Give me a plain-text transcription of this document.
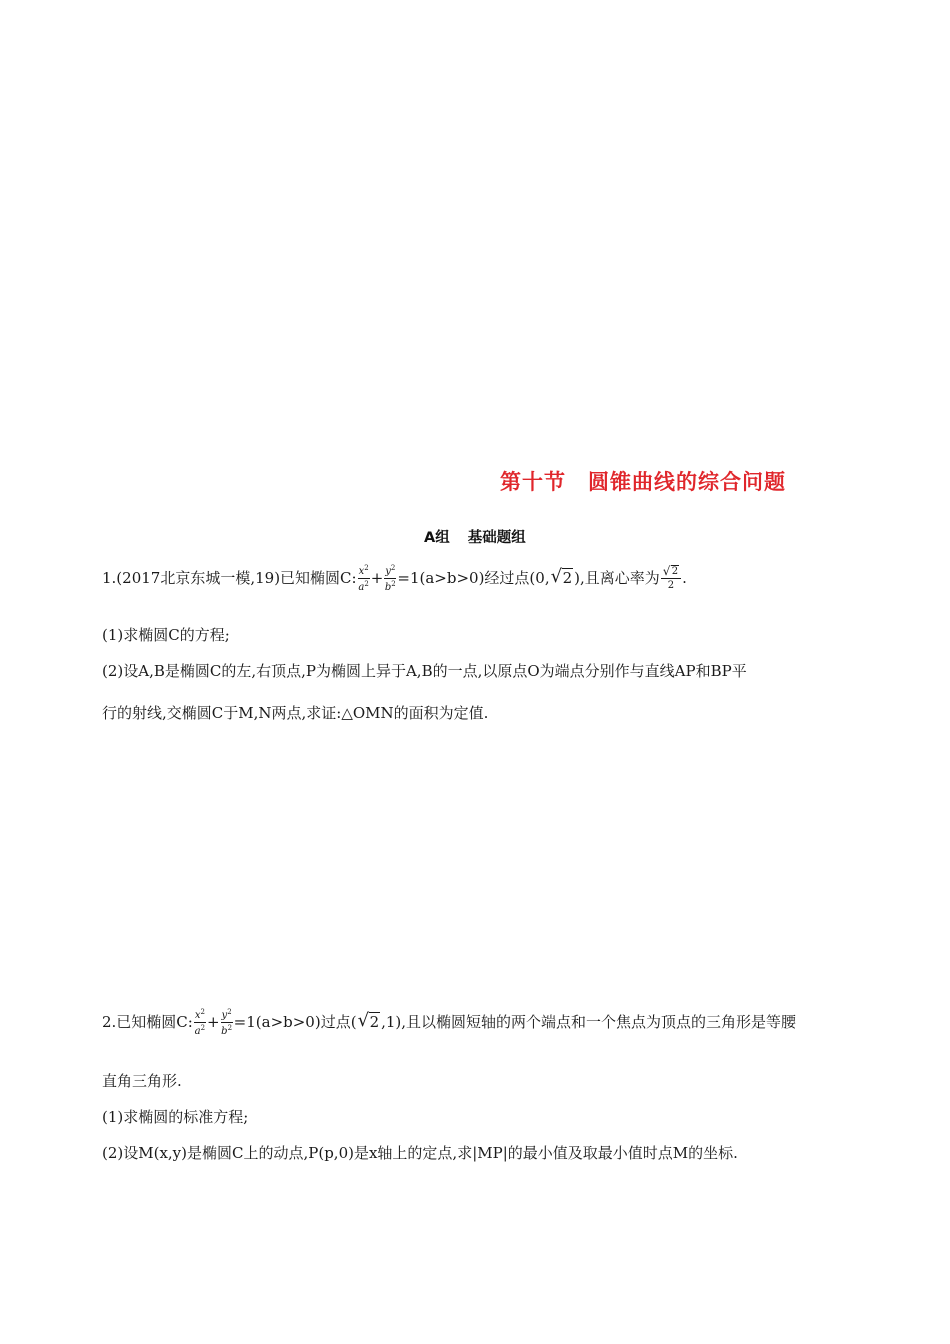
第十节 圆锥曲线的综合问题
A组 基础题组
1.(2017北京东城一模,19)已知椭圆C: $\frac{x^2}{a^2} + \frac{y^2}{b^2} =1(a>b>0)$经过点(0, √ 2 ),且离心率为 $\frac{√ 2}{2}$ .
(1)求椭圆C的方程;
(2)设A,B是椭圆C的左,右顶点,P为椭圆上异于A,B的一点,以原点O为端点分别作与直线AP和BP平
行的射线,交椭圆C于M,N两点,求证:△OMN的面积为定值.
2.已知椭圆C: $\frac{x^2}{a^2} + \frac{y^2}{b^2} =1(a>b>0)$过点( √ 2 ,1),且以椭圆短轴的两个端点和一个焦点为顶点的三角形是等腰
直角三角形.
(1)求椭圆的标准方程;
(2)设M(x,y)是椭圆C上的动点,P(p,0)是x轴上的定点,求|MP|的最小值及取最小值时点M的坐标.
